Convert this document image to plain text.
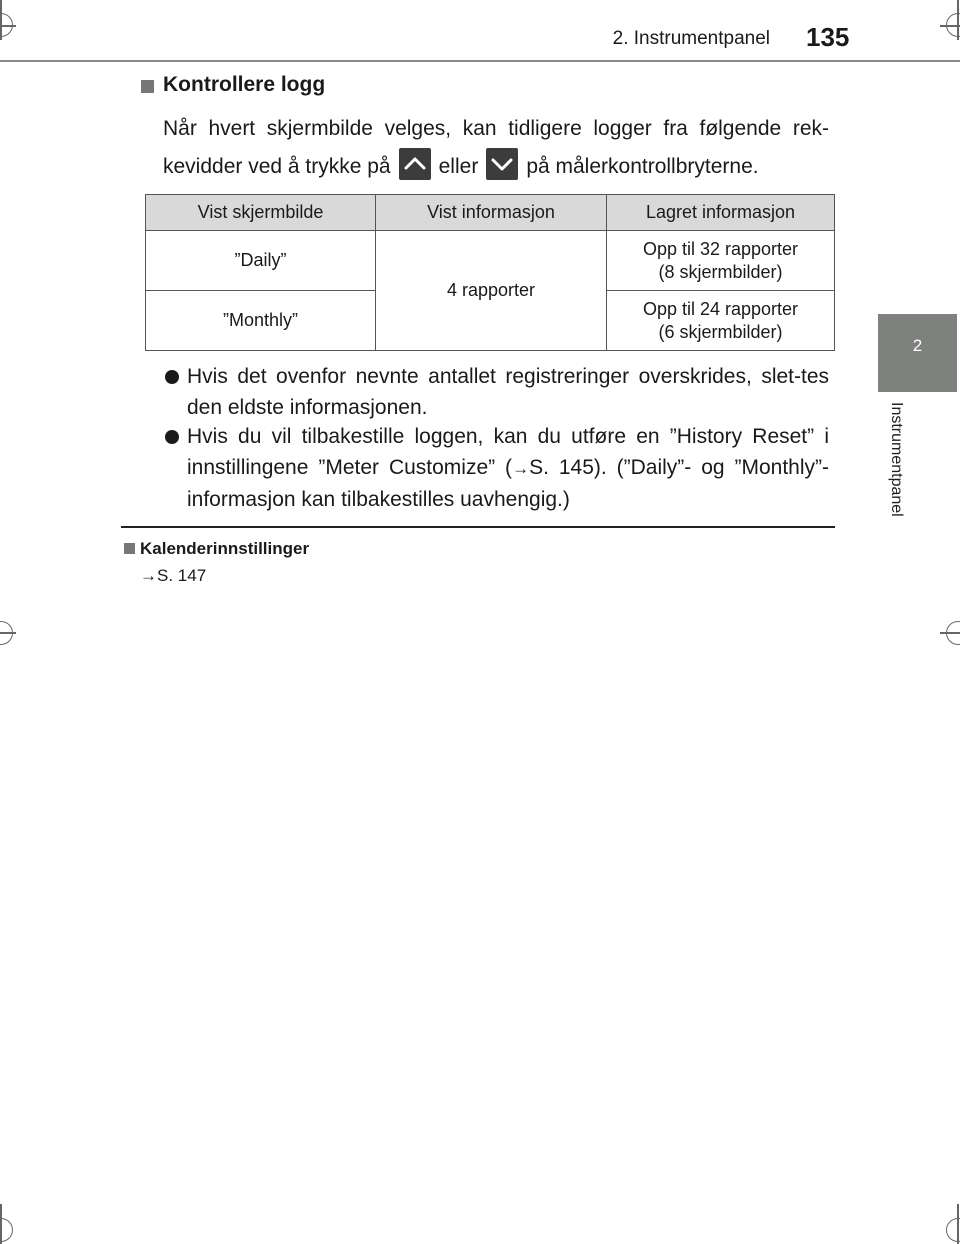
2. Instrumentpanel 135
2
Instrumentpanel
Kontrollere logg
Når hvert skjermbilde velges, kan tidligere logger fra følgende rek-kevidder ved å trykke på eller på målerkontrollbryterne.
Vist skjermbilde	Vist informasjon	Lagret informasjon
”Daily”	4 rapporter	Opp til 32 rapporter
(8 skjermbilder)

”Monthly”		Opp til 24 rapporter
(6 skjermbilder)
Hvis det ovenfor nevnte antallet registreringer overskrides, slet-tes den eldste informasjonen.
Hvis du vil tilbakestille loggen, kan du utføre en ”History Reset” i innstillingene ”Meter Customize” (→S. 145). (”Daily”- og ”Monthly”-informasjon kan tilbakestilles uavhengig.)
Kalenderinnstillinger
→S. 147
